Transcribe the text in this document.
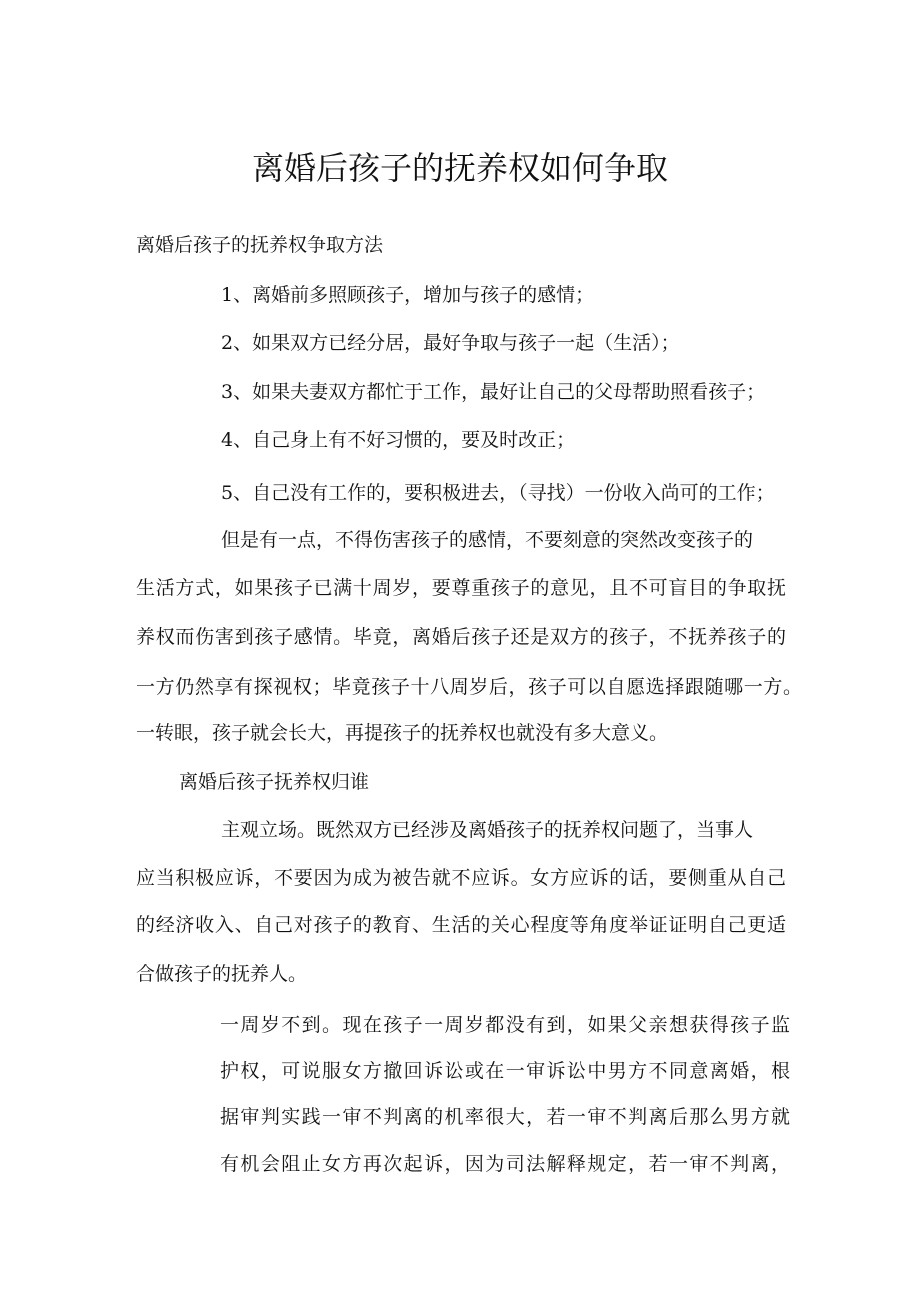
离婚后孩子的抚养权如何争取
离婚后孩子的抚养权争取方法
1、离婚前多照顾孩子，增加与孩子的感情；
2、如果双方已经分居，最好争取与孩子一起（生活）；
3、如果夫妻双方都忙于工作，最好让自己的父母帮助照看孩子；
4、自己身上有不好习惯的，要及时改正；
5、自己没有工作的，要积极进去，（寻找）一份收入尚可的工作；
但是有一点，不得伤害孩子的感情，不要刻意的突然改变孩子的
生活方式，如果孩子已满十周岁，要尊重孩子的意见，且不可盲目的争取抚
养权而伤害到孩子感情。毕竟，离婚后孩子还是双方的孩子，不抚养孩子的
一方仍然享有探视权；毕竟孩子十八周岁后，孩子可以自愿选择跟随哪一方。
一转眼，孩子就会长大，再提孩子的抚养权也就没有多大意义。
离婚后孩子抚养权归谁
主观立场。既然双方已经涉及离婚孩子的抚养权问题了，当事人
应当积极应诉，不要因为成为被告就不应诉。女方应诉的话，要侧重从自己
的经济收入、自己对孩子的教育、生活的关心程度等角度举证证明自己更适
合做孩子的抚养人。
一周岁不到。现在孩子一周岁都没有到，如果父亲想获得孩子监
护权，可说服女方撤回诉讼或在一审诉讼中男方不同意离婚，根
据审判实践一审不判离的机率很大，若一审不判离后那么男方就
有机会阻止女方再次起诉，因为司法解释规定，若一审不判离，
